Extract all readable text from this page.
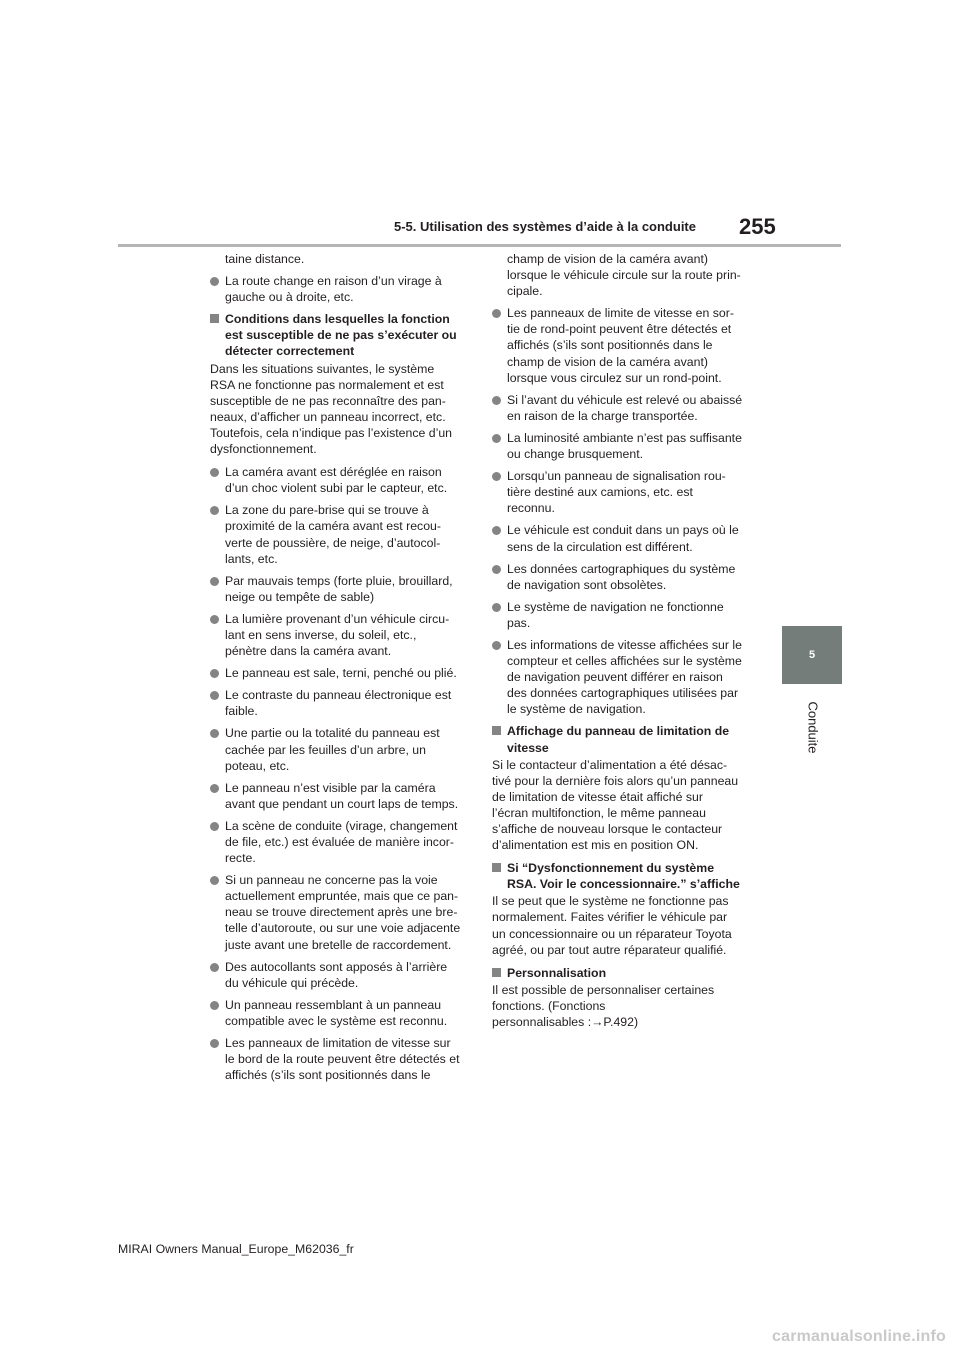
5-5. Utilisation des systèmes d’aide à la conduite 255
5
Conduite
taine distance.
La route change en raison d’un virage à
gauche ou à droite, etc.
Conditions dans lesquelles la fonction
est susceptible de ne pas s’exécuter ou
détecter correctement
Dans les situations suivantes, le système
RSA ne fonctionne pas normalement et est
susceptible de ne pas reconnaître des pan-
neaux, d’afficher un panneau incorrect, etc.
Toutefois, cela n’indique pas l’existence d’un
dysfonctionnement.
La caméra avant est déréglée en raison
d’un choc violent subi par le capteur, etc.
La zone du pare-brise qui se trouve à
proximité de la caméra avant est recou-
verte de poussière, de neige, d’autocol-
lants, etc.
Par mauvais temps (forte pluie, brouillard,
neige ou tempête de sable)
La lumière provenant d’un véhicule circu-
lant en sens inverse, du soleil, etc.,
pénètre dans la caméra avant.
Le panneau est sale, terni, penché ou plié.
Le contraste du panneau électronique est
faible.
Une partie ou la totalité du panneau est
cachée par les feuilles d’un arbre, un
poteau, etc.
Le panneau n’est visible par la caméra
avant que pendant un court laps de temps.
La scène de conduite (virage, changement
de file, etc.) est évaluée de manière incor-
recte.
Si un panneau ne concerne pas la voie
actuellement empruntée, mais que ce pan-
neau se trouve directement après une bre-
telle d’autoroute, ou sur une voie adjacente
juste avant une bretelle de raccordement.
Des autocollants sont apposés à l’arrière
du véhicule qui précède.
Un panneau ressemblant à un panneau
compatible avec le système est reconnu.
Les panneaux de limitation de vitesse sur
le bord de la route peuvent être détectés et
affichés (s’ils sont positionnés dans le
champ de vision de la caméra avant)
lorsque le véhicule circule sur la route prin-
cipale.
Les panneaux de limite de vitesse en sor-
tie de rond-point peuvent être détectés et
affichés (s’ils sont positionnés dans le
champ de vision de la caméra avant)
lorsque vous circulez sur un rond-point.
Si l’avant du véhicule est relevé ou abaissé
en raison de la charge transportée.
La luminosité ambiante n’est pas suffisante
ou change brusquement.
Lorsqu’un panneau de signalisation rou-
tière destiné aux camions, etc. est
reconnu.
Le véhicule est conduit dans un pays où le
sens de la circulation est différent.
Les données cartographiques du système
de navigation sont obsolètes.
Le système de navigation ne fonctionne
pas.
Les informations de vitesse affichées sur le
compteur et celles affichées sur le système
de navigation peuvent différer en raison
des données cartographiques utilisées par
le système de navigation.
Affichage du panneau de limitation de
vitesse
Si le contacteur d’alimentation a été désac-
tivé pour la dernière fois alors qu’un panneau
de limitation de vitesse était affiché sur
l’écran multifonction, le même panneau
s’affiche de nouveau lorsque le contacteur
d’alimentation est mis en position ON.
Si “Dysfonctionnement du système
RSA. Voir le concessionnaire.” s’affiche
Il se peut que le système ne fonctionne pas
normalement. Faites vérifier le véhicule par
un concessionnaire ou un réparateur Toyota
agréé, ou par tout autre réparateur qualifié.
Personnalisation
Il est possible de personnaliser certaines
fonctions. (Fonctions
personnalisables :→P.492)
MIRAI Owners Manual_Europe_M62036_fr
carmanualsonline.info
